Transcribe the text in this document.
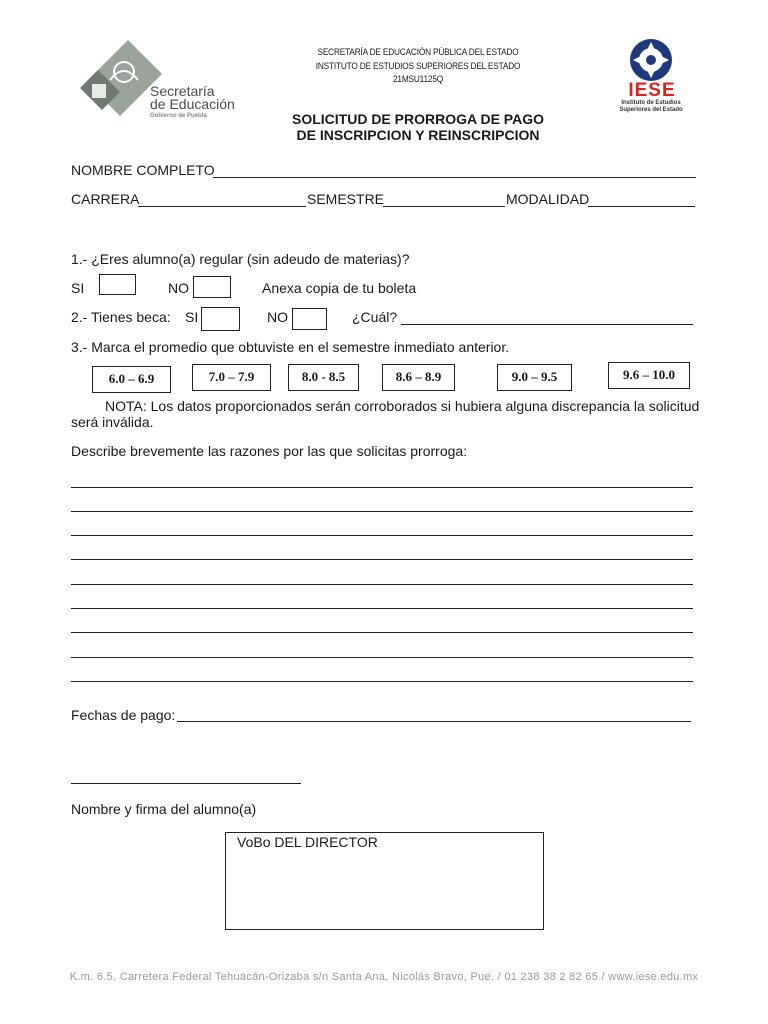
Secretaría
de Educación
Gobierno de Puebla
IESE
Instituto de Estudios
Superiores del Estado
SECRETARÍA DE EDUCACIÓN PÚBLICA DEL ESTADO
INSTITUTO DE ESTUDIOS SUPERIORES DEL ESTADO
21MSU1125Q
SOLICITUD DE PRORROGA DE PAGO
DE INSCRIPCION Y REINSCRIPCION
NOMBRE COMPLETO
CARRERA	SEMESTRE	MODALIDAD
1.- ¿Eres alumno(a) regular (sin adeudo de materias)?
SI	NO	Anexa copia de tu boleta
2.- Tienes beca: SI	NO	¿Cuál?
3.- Marca el promedio que obtuviste en el semestre inmediato anterior.
6.0 – 6.9	7.0 – 7.9	8.0 - 8.5	8.6 – 8.9	9.0 – 9.5	9.6 – 10.0
NOTA: Los datos proporcionados serán corroborados si hubiera alguna discrepancia la solicitud
será inválida.
Describe brevemente las razones por las que solicitas prorroga:
Fechas de pago:
Nombre y firma del alumno(a)
VoBo DEL DIRECTOR
K.m. 6.5. Carretera Federal Tehuacán-Orizaba s/n Santa Ana, Nicolás Bravo, Pue. / 01 238 38 2 82 65 / www.iese.edu.mx
